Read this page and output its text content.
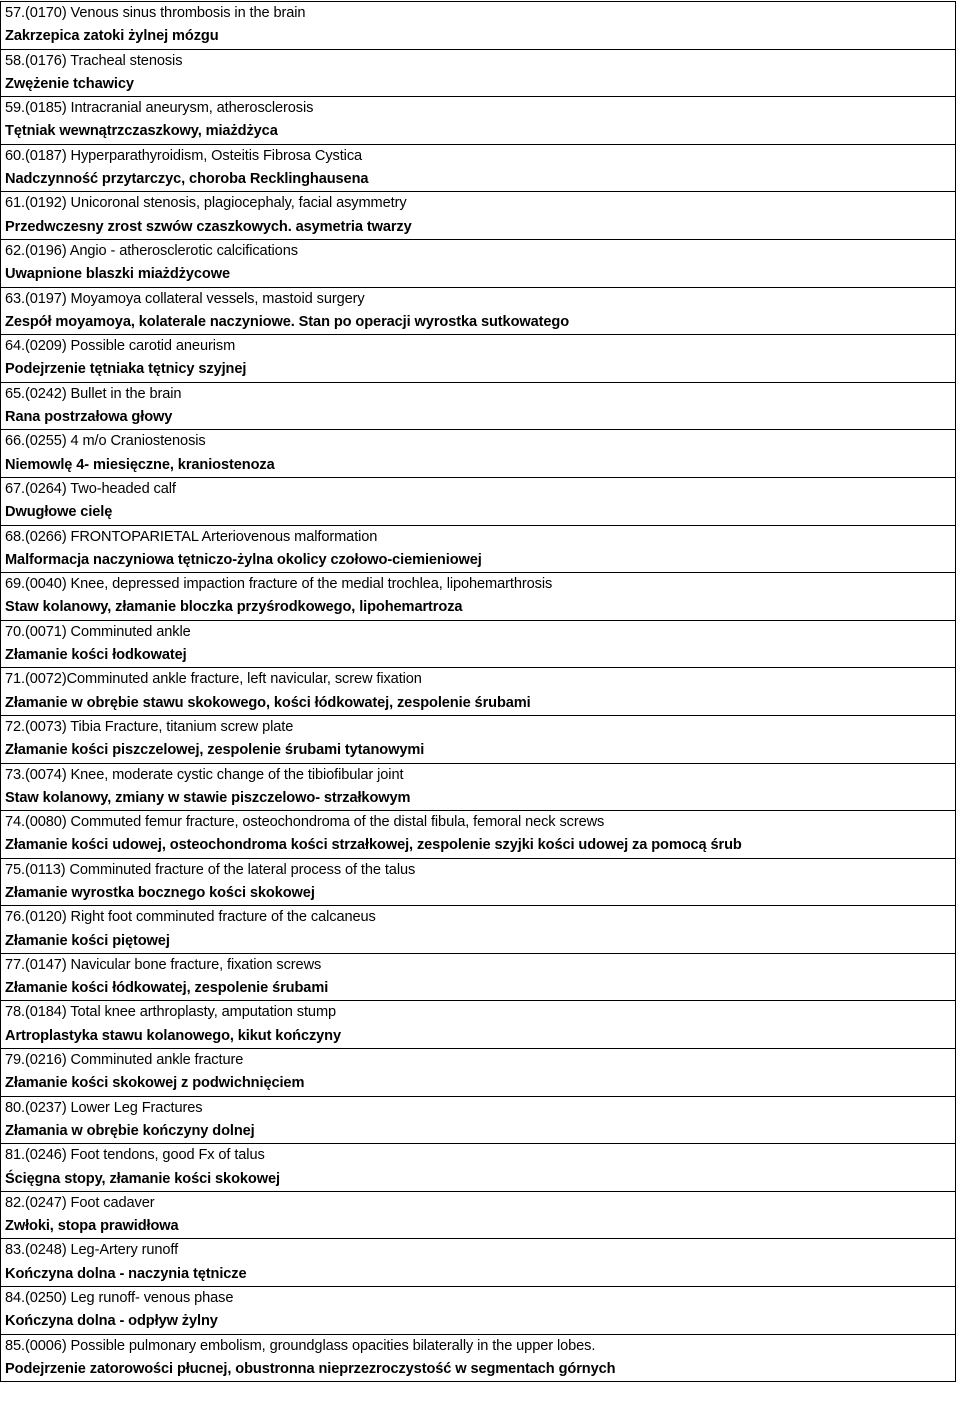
57.(0170) Venous sinus thrombosis in the brain
Zakrzepica zatoki żylnej mózgu
58.(0176) Tracheal stenosis
Zwężenie tchawicy
59.(0185) Intracranial aneurysm, atherosclerosis
Tętniak wewnątrzczaszkowy, miażdżyca
60.(0187) Hyperparathyroidism, Osteitis Fibrosa Cystica
Nadczynność przytarczyc, choroba Recklinghausena
61.(0192) Unicoronal stenosis, plagiocephaly, facial asymmetry
Przedwczesny zrost szwów czaszkowych. asymetria twarzy
62.(0196) Angio - atherosclerotic calcifications
Uwapnione blaszki miażdżycowe
63.(0197) Moyamoya collateral vessels, mastoid surgery
Zespół moyamoya, kolaterale naczyniowe. Stan po operacji wyrostka sutkowatego
64.(0209) Possible carotid aneurism
Podejrzenie tętniaka tętnicy szyjnej
65.(0242) Bullet in the brain
Rana postrzałowa głowy
66.(0255) 4 m/o Craniostenosis
Niemowlę 4- miesięczne, kraniostenoza
67.(0264) Two-headed calf
Dwugłowe cielę
68.(0266) FRONTOPARIETAL Arteriovenous malformation
Malformacja naczyniowa tętniczo-żylna okolicy czołowo-ciemieniowej
69.(0040) Knee, depressed impaction fracture of the medial trochlea, lipohemarthrosis
Staw kolanowy, złamanie bloczka przyśrodkowego, lipohemartroza
70.(0071) Comminuted ankle
Złamanie kości łodkowatej
71.(0072)Comminuted ankle fracture, left navicular, screw fixation
Złamanie w obrębie stawu skokowego, kości łódkowatej, zespolenie śrubami
72.(0073) Tibia Fracture, titanium screw plate
Złamanie kości piszczelowej, zespolenie śrubami tytanowymi
73.(0074) Knee, moderate cystic change of the tibiofibular joint
Staw kolanowy, zmiany w stawie piszczelowo- strzałkowym
74.(0080) Commuted femur fracture, osteochondroma of the distal fibula, femoral neck screws
Złamanie kości udowej, osteochondroma kości strzałkowej, zespolenie szyjki kości udowej za pomocą śrub
75.(0113) Comminuted fracture of the lateral process of the talus
Złamanie wyrostka bocznego kości skokowej
76.(0120) Right foot comminuted fracture of the calcaneus
Złamanie kości piętowej
77.(0147) Navicular bone fracture, fixation screws
Złamanie kości łódkowatej, zespolenie śrubami
78.(0184) Total knee arthroplasty, amputation stump
Artroplastyka stawu kolanowego, kikut kończyny
79.(0216) Comminuted ankle fracture
Złamanie kości skokowej z podwichnięciem
80.(0237) Lower Leg Fractures
Złamania w obrębie kończyny dolnej
81.(0246) Foot tendons, good Fx of talus
Ścięgna stopy, złamanie kości skokowej
82.(0247) Foot cadaver
Zwłoki, stopa prawidłowa
83.(0248) Leg-Artery runoff
Kończyna dolna - naczynia tętnicze
84.(0250) Leg runoff- venous phase
Kończyna dolna - odpływ żylny
85.(0006) Possible pulmonary embolism, groundglass opacities bilaterally in the upper lobes.
Podejrzenie zatorowości płucnej, obustronna nieprzezroczystość w segmentach górnych
